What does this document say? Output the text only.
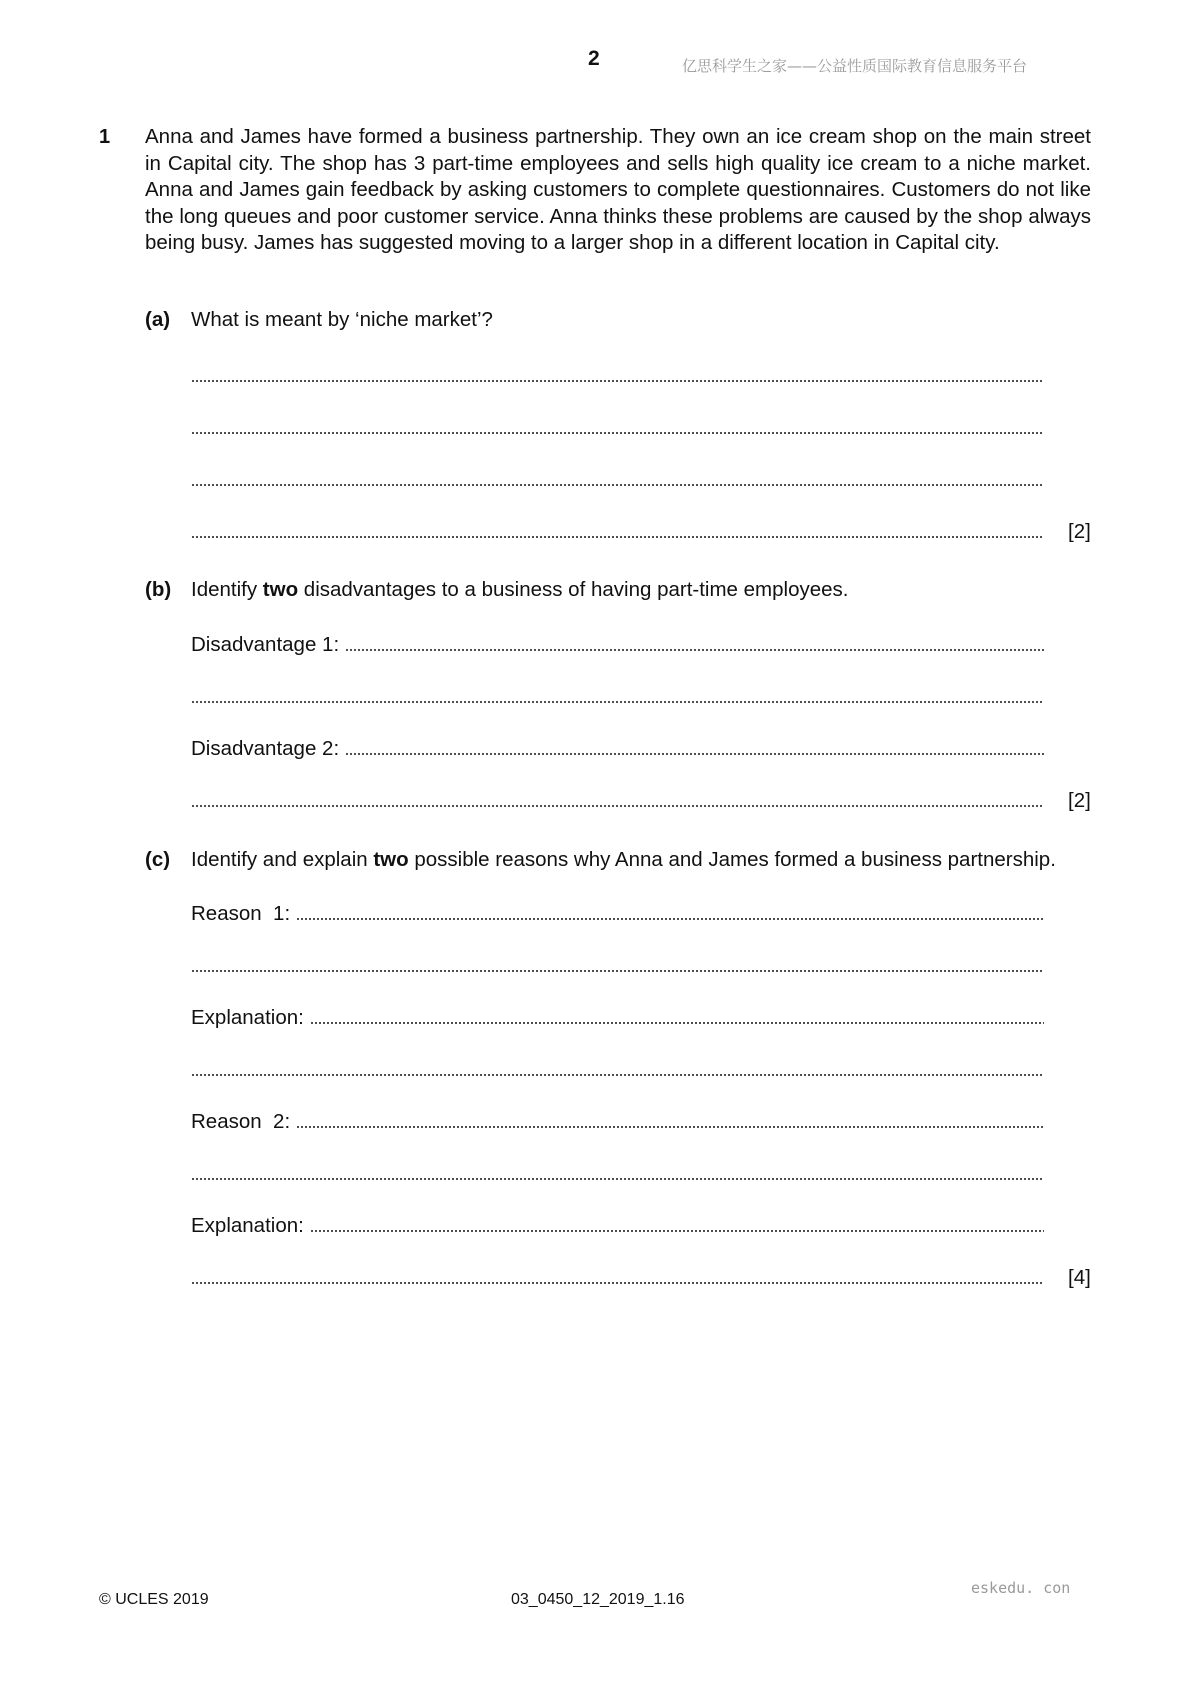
2	亿思科学生之家——公益性质国际教育信息服务平台
1 Anna and James have formed a business partnership. They own an ice cream shop on the main street in Capital city. The shop has 3 part-time employees and sells high quality ice cream to a niche market. Anna and James gain feedback by asking customers to complete questionnaires. Customers do not like the long queues and poor customer service. Anna thinks these problems are caused by the shop always being busy. James has suggested moving to a larger shop in a different location in Capital city.
(a) What is meant by ‘niche market’?
[2]
(b) Identify two disadvantages to a business of having part-time employees.
Disadvantage 1:
Disadvantage 2:
[2]
(c) Identify and explain two possible reasons why Anna and James formed a business partnership.
Reason  1:
Explanation:
Reason  2:
Explanation:
[4]
© UCLES 2019	03_0450_12_2019_1.16
eskedu. con
